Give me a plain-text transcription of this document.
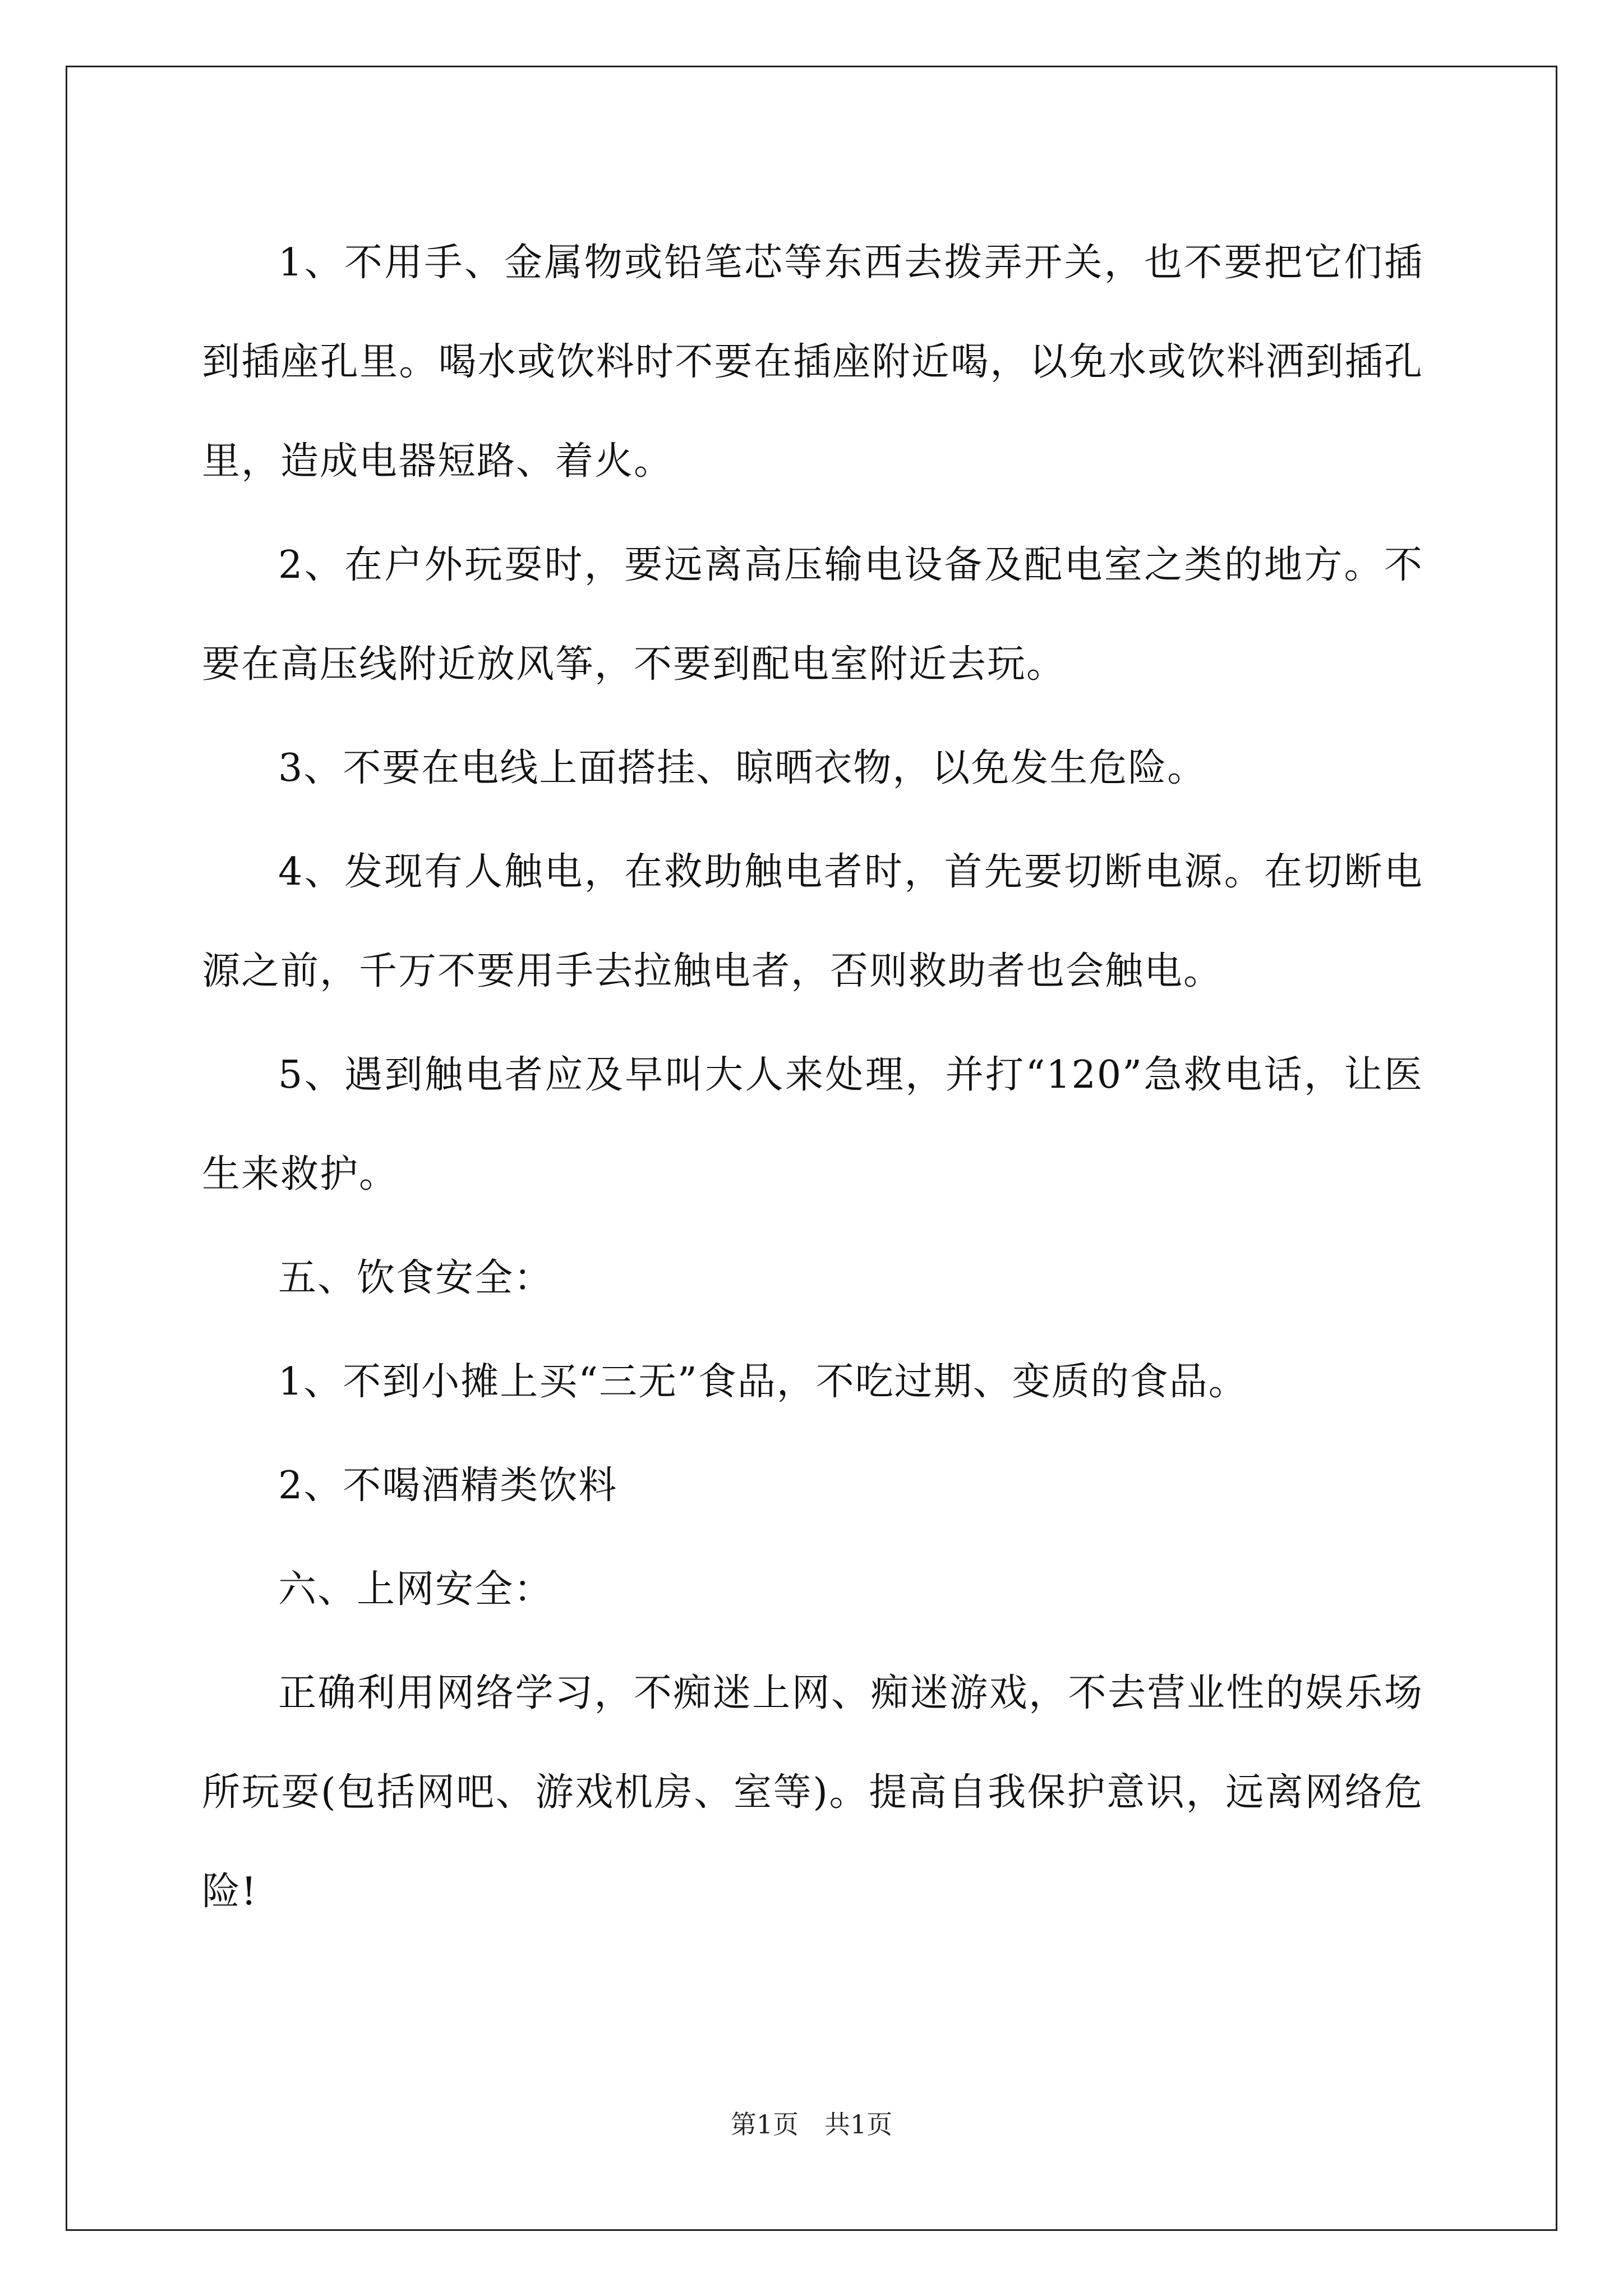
1、不用手、金属物或铅笔芯等东西去拨弄开关，也不要把它们插到插座孔里。喝水或饮料时不要在插座附近喝，以免水或饮料洒到插孔里，造成电器短路、着火。

2、在户外玩耍时，要远离高压输电设备及配电室之类的地方。不要在高压线附近放风筝，不要到配电室附近去玩。

3、不要在电线上面搭挂、晾晒衣物，以免发生危险。

4、发现有人触电，在救助触电者时，首先要切断电源。在切断电源之前，千万不要用手去拉触电者，否则救助者也会触电。

5、遇到触电者应及早叫大人来处理，并打“120”急救电话，让医生来救护。

五、饮食安全：

1、不到小摊上买“三无”食品，不吃过期、变质的食品。

2、不喝酒精类饮料

六、上网安全：

正确利用网络学习，不痴迷上网、痴迷游戏，不去营业性的娱乐场所玩耍(包括网吧、游戏机房、室等)。提高自我保护意识，远离网络危险!

第1页　共1页
